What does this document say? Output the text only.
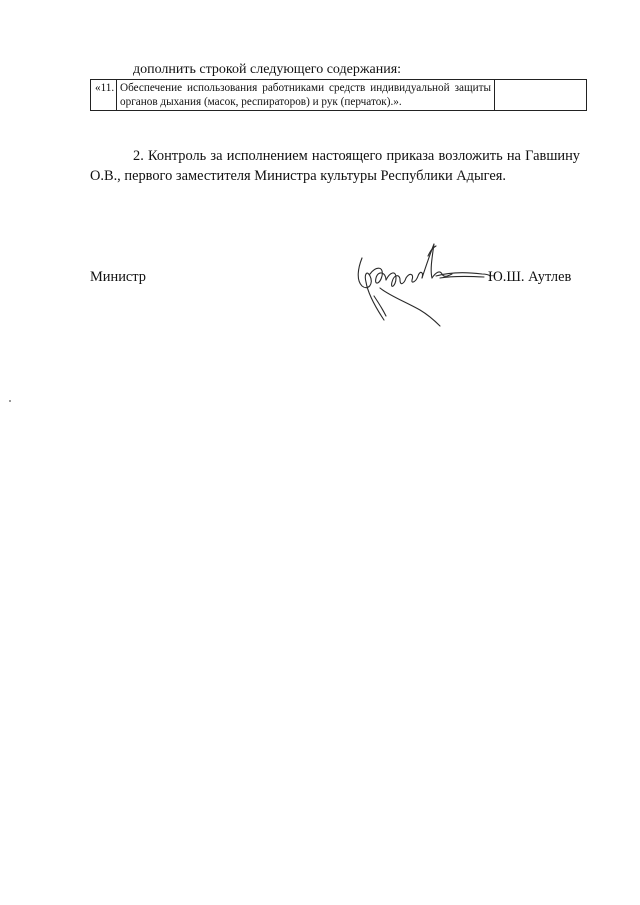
дополнить строкой следующего содержания:
«11.	Обеспечение использования работниками средств индивидуальной защиты органов дыхания (масок, респираторов) и рук (перчаток).».	

2. Контроль за исполнением настоящего приказа возложить на Гавшину О.В., первого заместителя Министра культуры Республики Адыгея.

Министр	Ю.Ш. Аутлев
